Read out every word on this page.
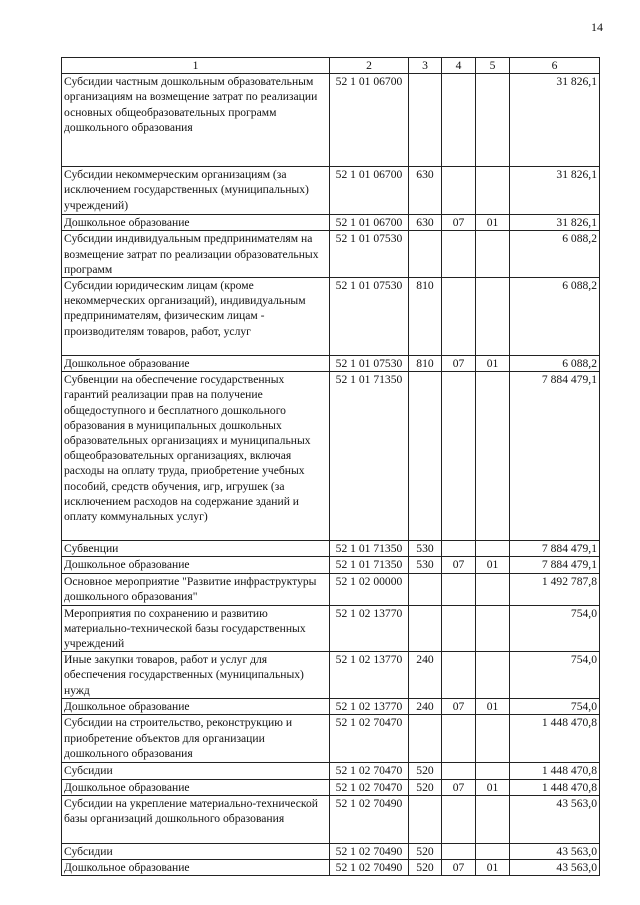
14
1	2	3	4	5	6
Субсидии частным дошкольным образовательным организациям на возмещение затрат по реализации основных общеобразовательных программ дошкольного образования	52 1 01 06700				31 826,1
Субсидии некоммерческим организациям (за исключением государственных (муниципальных) учреждений)	52 1 01 06700	630			31 826,1
Дошкольное образование	52 1 01 06700	630	07	01	31 826,1
Субсидии индивидуальным предпринимателям на возмещение затрат по реализации образовательных программ	52 1 01 07530				6 088,2
Субсидии юридическим лицам (кроме некоммерческих организаций), индивидуальным предпринимателям, физическим лицам - производителям товаров, работ, услуг	52 1 01 07530	810			6 088,2
Дошкольное образование	52 1 01 07530	810	07	01	6 088,2
Субвенции на обеспечение государственных гарантий реализации прав на получение общедоступного и бесплатного дошкольного образования в муниципальных дошкольных образовательных организациях и муниципальных общеобразовательных организациях, включая расходы на оплату труда, приобретение учебных пособий, средств обучения, игр, игрушек (за исключением расходов на содержание зданий и оплату коммунальных услуг)	52 1 01 71350				7 884 479,1
Субвенции	52 1 01 71350	530			7 884 479,1
Дошкольное образование	52 1 01 71350	530	07	01	7 884 479,1
Основное мероприятие "Развитие инфраструктуры дошкольного образования"	52 1 02 00000				1 492 787,8
Мероприятия по сохранению и развитию материально-технической базы государственных учреждений	52 1 02 13770				754,0
Иные закупки товаров, работ и услуг для обеспечения государственных (муниципальных) нужд	52 1 02 13770	240			754,0
Дошкольное образование	52 1 02 13770	240	07	01	754,0
Субсидии на строительство, реконструкцию и приобретение объектов для организации дошкольного образования	52 1 02 70470				1 448 470,8
Субсидии	52 1 02 70470	520			1 448 470,8
Дошкольное образование	52 1 02 70470	520	07	01	1 448 470,8
Субсидии на укрепление материально-технической базы организаций дошкольного образования	52 1 02 70490				43 563,0
Субсидии	52 1 02 70490	520			43 563,0
Дошкольное образование	52 1 02 70490	520	07	01	43 563,0
